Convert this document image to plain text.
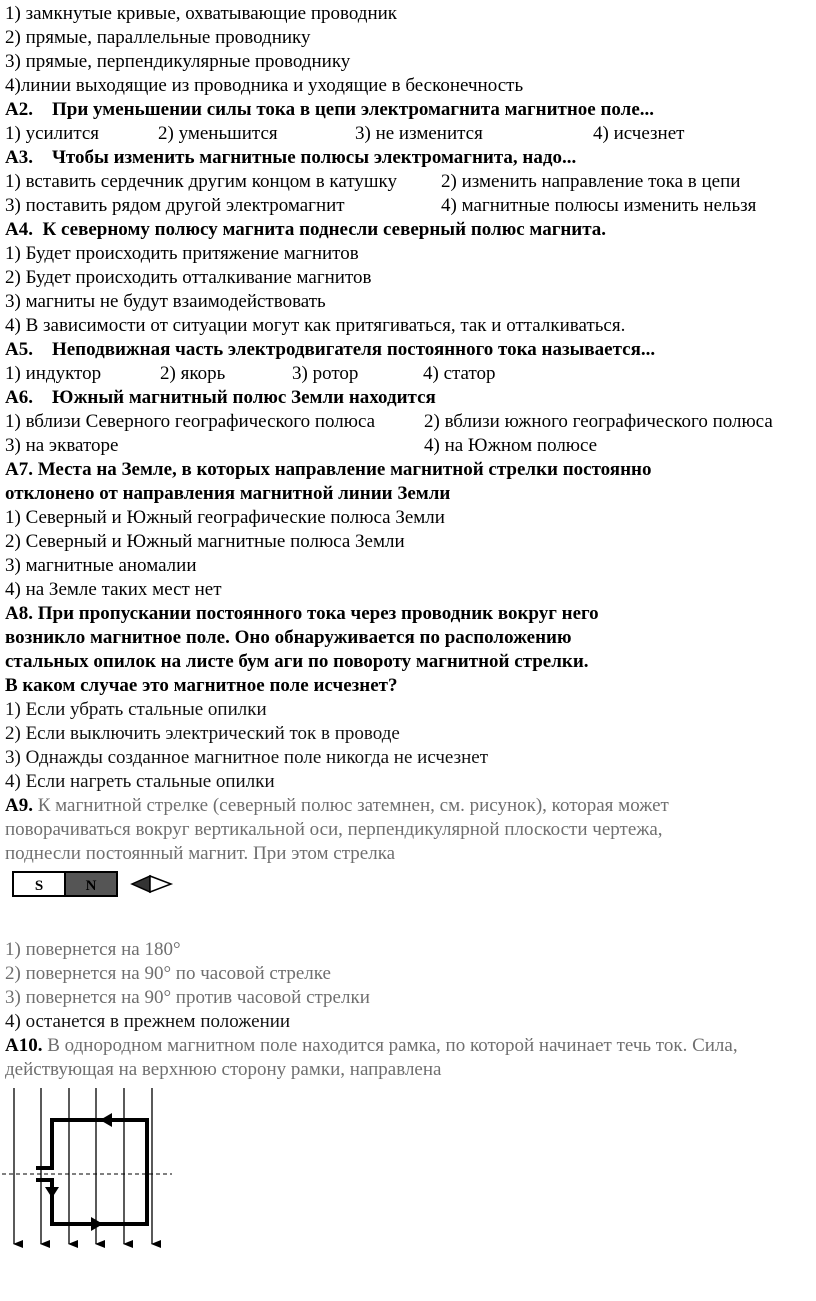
1) замкнутые кривые, охватывающие проводник
2) прямые, параллельные проводнику
3) прямые, перпендикулярные проводнику
4)линии выходящие из проводника и уходящие в бесконечность
A2.    При уменьшении силы тока в цепи электромагнита магнитное поле...
1) усилится	2) уменьшится	3) не изменится	4) исчезнет
A3.    Чтобы изменить магнитные полюсы электромагнита, надо...
1) вставить сердечник другим концом в катушку 2) изменить направление тока в цепи
3) поставить рядом другой электромагнит	4) магнитные полюсы изменить нельзя
A4.  К северному полюсу магнита поднесли северный полюс магнита.
1) Будет происходить притяжение магнитов
2) Будет происходить отталкивание магнитов
3) магниты не будут взаимодействовать
4) В зависимости от ситуации могут как притягиваться, так и отталкиваться.
A5.    Неподвижная часть электродвигателя постоянного тока называется...
1) индуктор	2) якорь	3) ротор	4) статор
A6.    Южный магнитный полюс Земли находится
1) вблизи Северного географического полюса	2) вблизи южного географического полюса
3) на экваторе	4) на Южном полюсе
A7. Места на Земле, в которых направление магнитной стрелки постоянно
отклонено от направления магнитной линии Земли
1) Северный и Южный географические полюса Земли
2) Северный и Южный магнитные полюса Земли
3) магнитные аномалии
4) на Земле таких мест нет
A8. При пропускании постоянного тока через проводник вокруг него
возникло магнитное поле. Оно обнаруживается по расположению
стальных опилок на листе бум аги по повороту магнитной стрелки.
В каком случае это магнитное поле исчезнет?
1) Если убрать стальные опилки
2) Если выключить электрический ток в проводе
3) Однажды созданное магнитное поле никогда не исчезнет
4) Если нагреть стальные опилки
A9. К магнитной стрелке (северный полюс затемнен, см. рисунок), которая может
поворачиваться вокруг вертикальной оси, перпендикулярной плоскости чертежа,
поднесли постоянный магнит. При этом стрелка
S	N
1) повернется на 180°
2) повернется на 90° по часовой стрелке
3) повернется на 90° против часовой стрелки
4) останется в прежнем положении
A10. В однородном магнитном поле находится рамка, по которой начинает течь ток. Сила,
действующая на верхнюю сторону рамки, направлена
